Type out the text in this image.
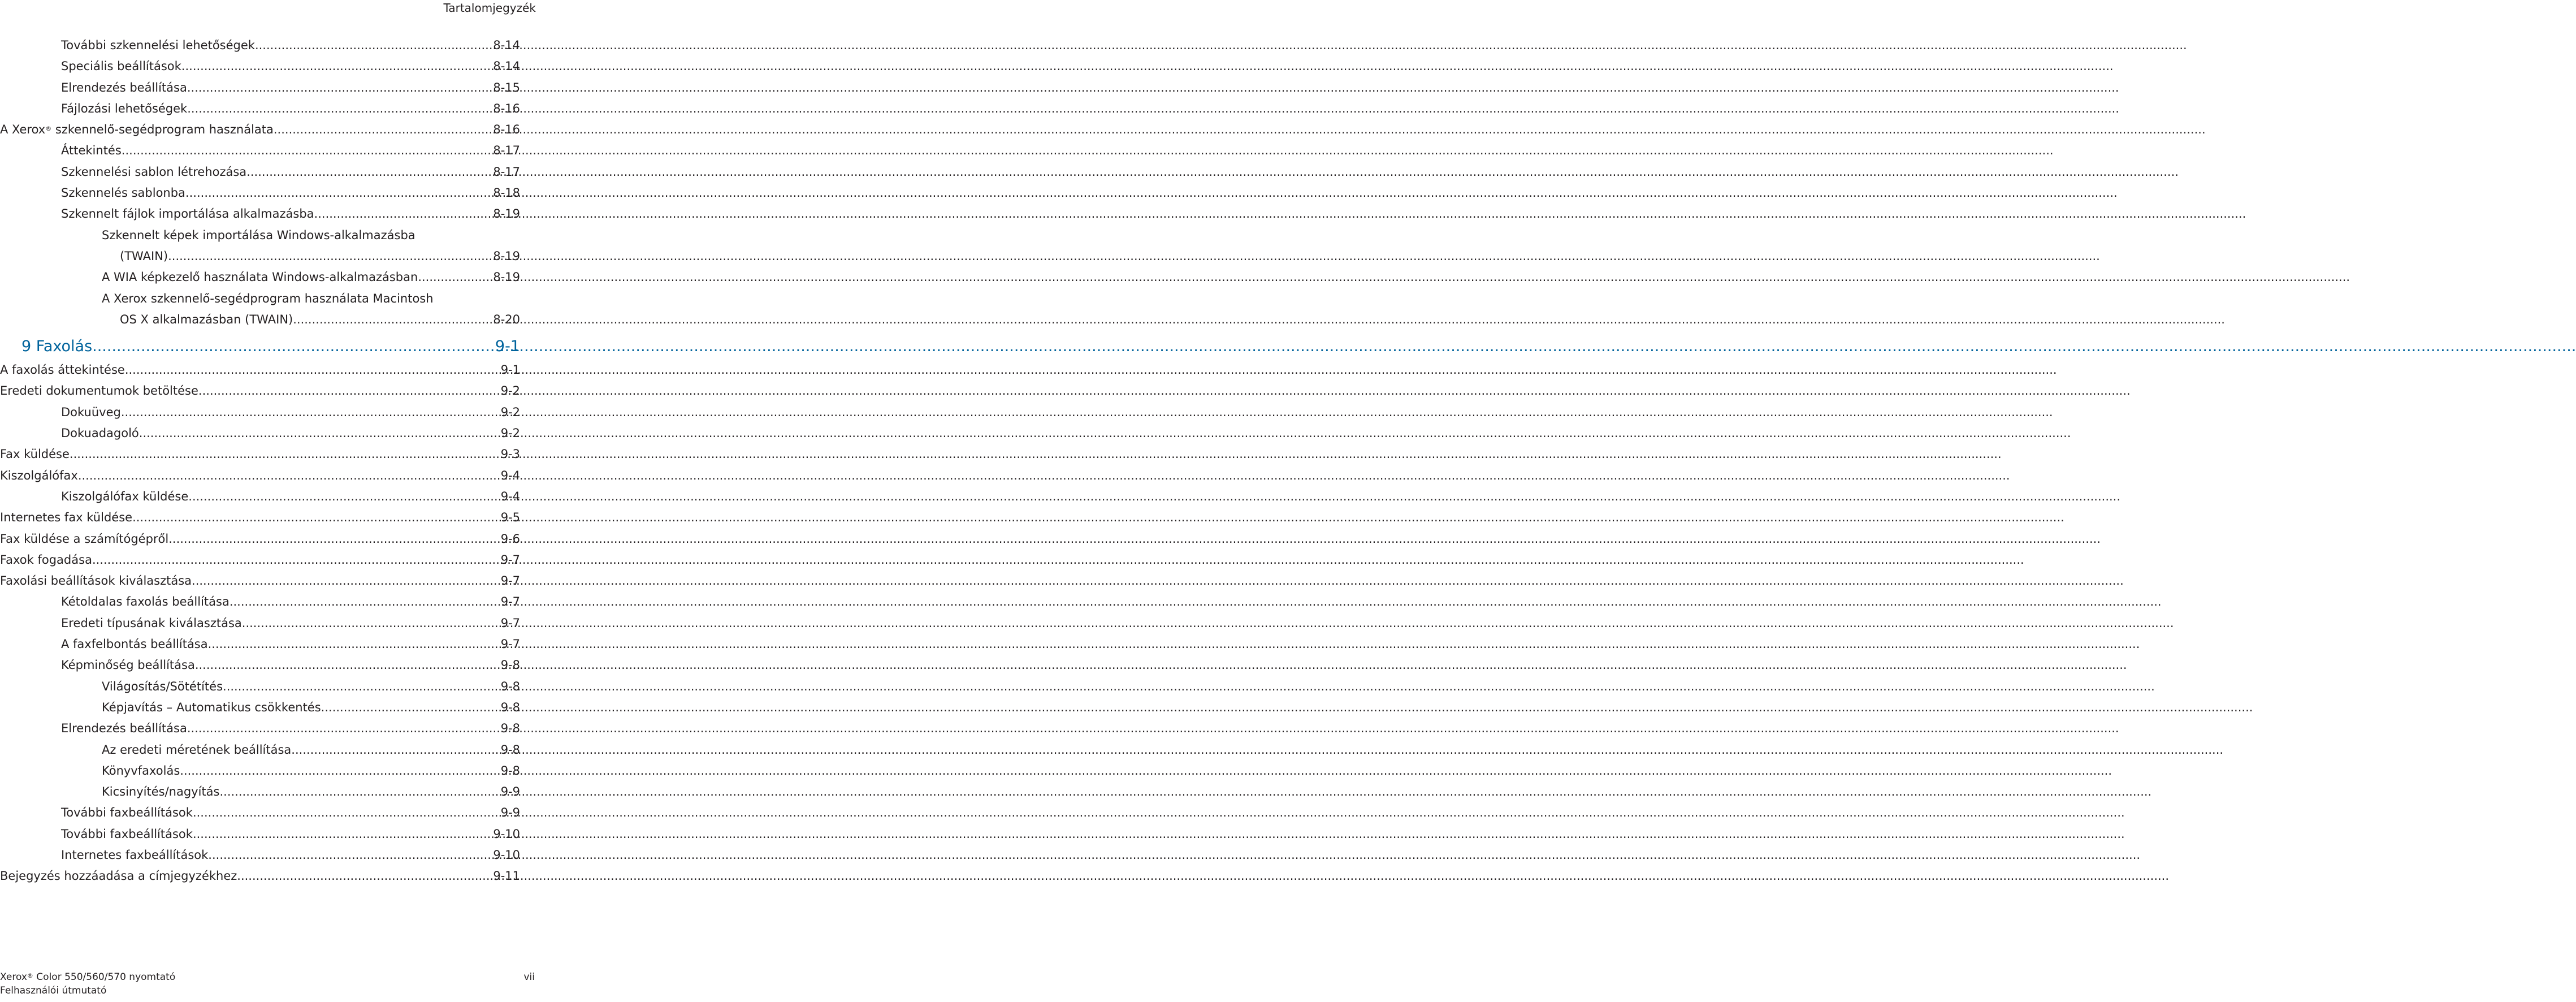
Tartalomjegyzék
További szkennelési lehetőségek .....	8-14
Speciális beállítások .....	8-14
Elrendezés beállítása .....	8-15
Fájlozási lehetőségek .....	8-16
A Xerox® szkennelő-segédprogram használata .....	8-16
Áttekintés .....	8-17
Szkennelési sablon létrehozása .....	8-17
Szkennelés sablonba .....	8-18
Szkennelt fájlok importálása alkalmazásba .....	8-19
Szkennelt képek importálása Windows-alkalmazásba
(TWAIN) .....	8-19
A WIA képkezelő használata Windows-alkalmazásban .....	8-19
A Xerox szkennelő-segédprogram használata Macintosh
OS X alkalmazásban (TWAIN) .....	8-20
9 Faxolás .....	9-1
A faxolás áttekintése .....	9-1
Eredeti dokumentumok betöltése .....	9-2
Dokuüveg .....	9-2
Dokuadagoló .....	9-2
Fax küldése .....	9-3
Kiszolgálófax .....	9-4
Kiszolgálófax küldése .....	9-4
Internetes fax küldése .....	9-5
Fax küldése a számítógépről .....	9-6
Faxok fogadása .....	9-7
Faxolási beállítások kiválasztása .....	9-7
Kétoldalas faxolás beállítása .....	9-7
Eredeti típusának kiválasztása .....	9-7
A faxfelbontás beállítása .....	9-7
Képminőség beállítása .....	9-8
Világosítás/Sötétítés .....	9-8
Képjavítás – Automatikus csökkentés .....	9-8
Elrendezés beállítása .....	9-8
Az eredeti méretének beállítása .....	9-8
Könyvfaxolás .....	9-8
Kicsinyítés/nagyítás .....	9-9
További faxbeállítások .....	9-9
További faxbeállítások .....	9-10
Internetes faxbeállítások .....	9-10
Bejegyzés hozzáadása a címjegyzékhez .....	9-11
Xerox® Color 550/560/570 nyomtató
Felhasználói útmutató
vii
